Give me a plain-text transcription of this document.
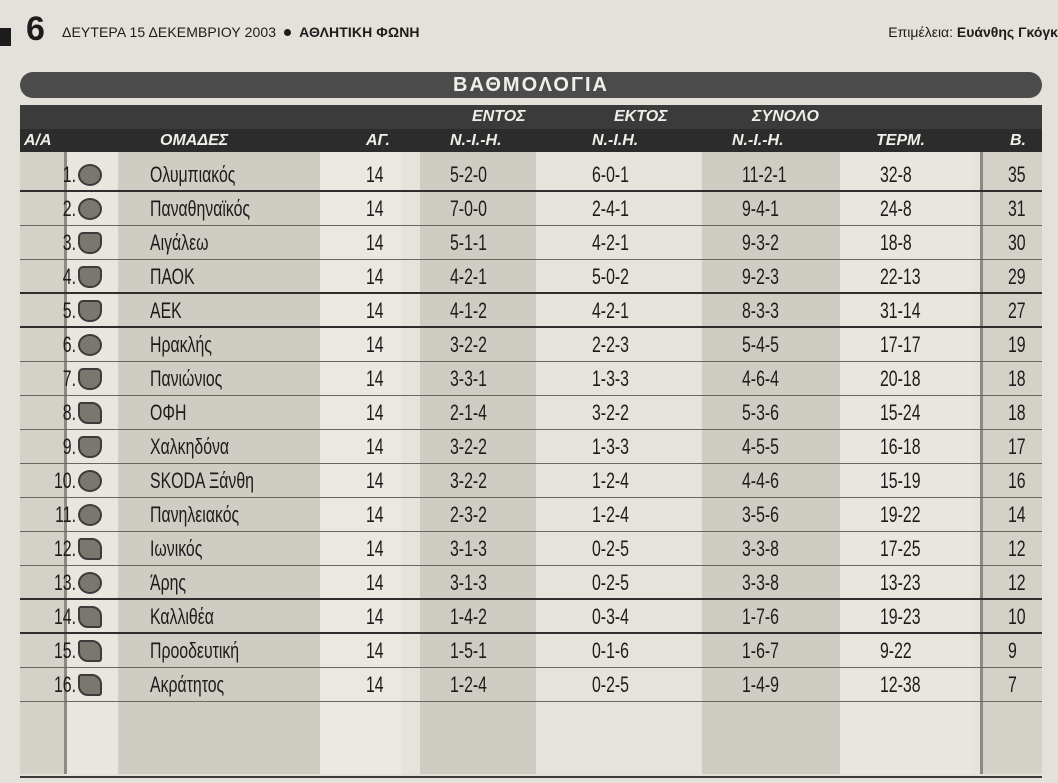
6 ΔΕΥΤΕΡΑ 15 ΔΕΚΕΜΒΡΙΟΥ 2003 ΑΘΛΗΤΙΚΗ ΦΩΝΗ	Επιμέλεια: Ευάνθης Γκόγκ
ΒΑΘΜΟΛΟΓΙΑ
ΕΝΤΟΣ	ΕΚΤΟΣ	ΣΥΝΟΛΟ
Α/Α	ΟΜΑΔΕΣ	ΑΓ.	Ν.-Ι.-Η.	Ν.-Ι.Η.	Ν.-Ι.-Η.	ΤΕΡΜ.	Β.
1.	Ολυμπιακός	14	5-2-0	6-0-1	11-2-1	32-8	35
2.	Παναθηναϊκός	14	7-0-0	2-4-1	9-4-1	24-8	31
3.	Αιγάλεω	14	5-1-1	4-2-1	9-3-2	18-8	30
4.	ΠΑΟΚ	14	4-2-1	5-0-2	9-2-3	22-13	29
5.	ΑΕΚ	14	4-1-2	4-2-1	8-3-3	31-14	27
6.	Ηρακλής	14	3-2-2	2-2-3	5-4-5	17-17	19
7.	Πανιώνιος	14	3-3-1	1-3-3	4-6-4	20-18	18
8.	ΟΦΗ	14	2-1-4	3-2-2	5-3-6	15-24	18
9.	Χαλκηδόνα	14	3-2-2	1-3-3	4-5-5	16-18	17
10.	SKODA Ξάνθη	14	3-2-2	1-2-4	4-4-6	15-19	16
11.	Πανηλειακός	14	2-3-2	1-2-4	3-5-6	19-22	14
12.	Ιωνικός	14	3-1-3	0-2-5	3-3-8	17-25	12
13.	Άρης	14	3-1-3	0-2-5	3-3-8	13-23	12
14.	Καλλιθέα	14	1-4-2	0-3-4	1-7-6	19-23	10
15.	Προοδευτική	14	1-5-1	0-1-6	1-6-7	9-22	9
16.	Ακράτητος	14	1-2-4	0-2-5	1-4-9	12-38	7
